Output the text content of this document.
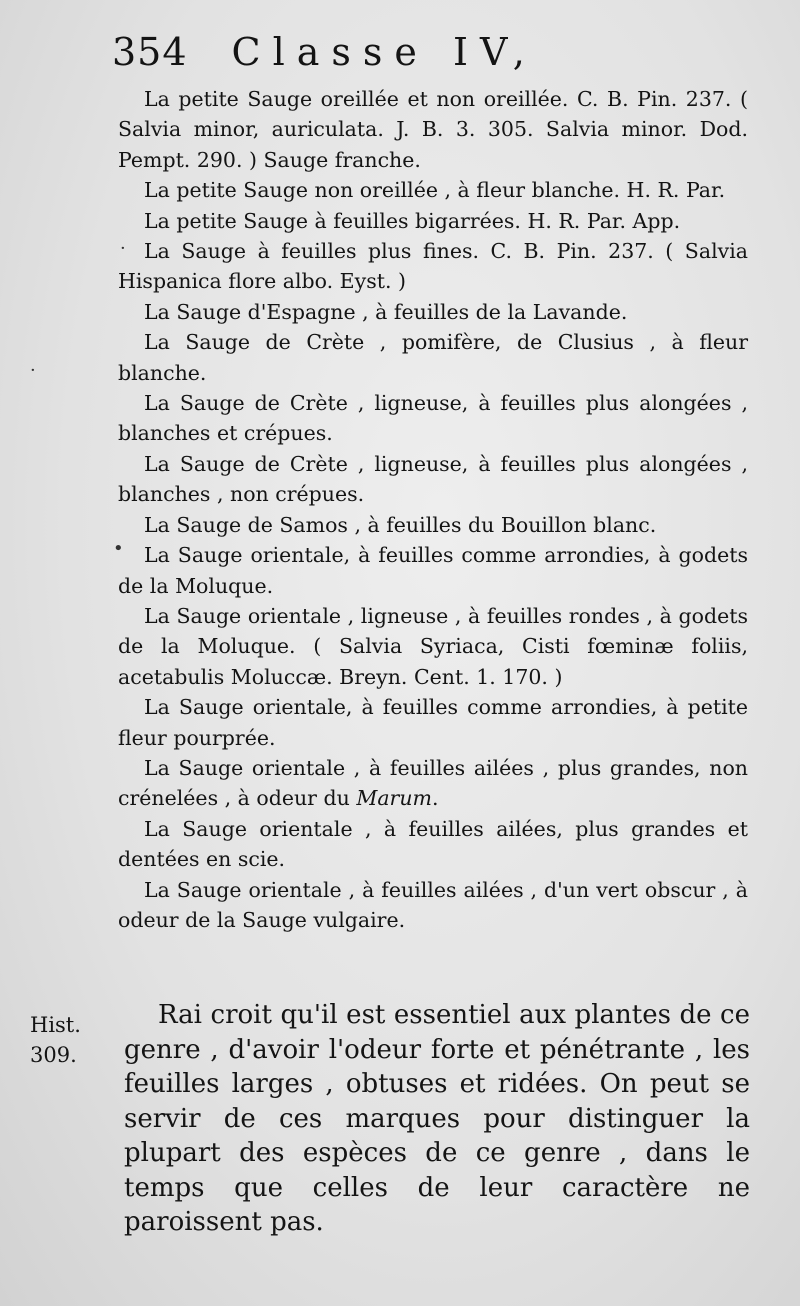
354 Classe IV,
·
·
•
La petite Sauge oreillée et non oreillée. C. B. Pin. 237. ( Salvia minor, auriculata. J. B. 3. 305. Salvia minor. Dod. Pempt. 290. ) Sauge franche.
La petite Sauge non oreillée , à fleur blanche. H. R. Par.
La petite Sauge à feuilles bigarrées. H. R. Par. App.
La Sauge à feuilles plus fines. C. B. Pin. 237. ( Salvia Hispanica flore albo. Eyst. )
La Sauge d'Espagne , à feuilles de la Lavande.
La Sauge de Crète , pomifère, de Clusius , à fleur blanche.
La Sauge de Crète , ligneuse, à feuilles plus alongées , blanches et crépues.
La Sauge de Crète , ligneuse, à feuilles plus alongées , blanches , non crépues.
La Sauge de Samos , à feuilles du Bouillon blanc.
La Sauge orientale, à feuilles comme arrondies, à godets de la Moluque.
La Sauge orientale , ligneuse , à feuilles rondes , à godets de la Moluque. ( Salvia Syriaca, Cisti fœminæ foliis, acetabulis Moluccæ. Breyn. Cent. 1. 170. )
La Sauge orientale, à feuilles comme arrondies, à petite fleur pourprée.
La Sauge orientale , à feuilles ailées , plus grandes, non crénelées , à odeur du Marum.
La Sauge orientale , à feuilles ailées, plus grandes et dentées en scie.
La Sauge orientale , à feuilles ailées , d'un vert obscur , à odeur de la Sauge vulgaire.
Hist.
309.
Rai croit qu'il est essentiel aux plantes de ce genre , d'avoir l'odeur forte et pénétrante , les feuilles larges , obtuses et ridées. On peut se servir de ces marques pour distinguer la plupart des espèces de ce genre , dans le temps que celles de leur caractère ne paroissent pas.
